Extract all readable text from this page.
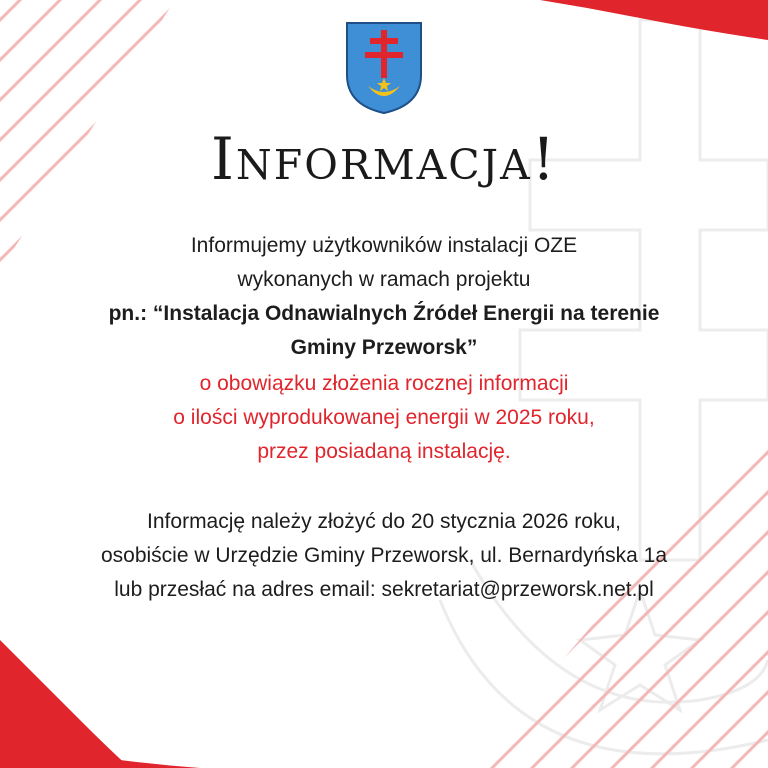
Informacja!

Informujemy użytkowników instalacji OZE

wykonanych w ramach projektu

pn.: “Instalacja Odnawialnych Źródeł Energii na terenie

Gminy Przeworsk”

o obowiązku złożenia rocznej informacji

o ilości wyprodukowanej energii w 2025 roku,

przez posiadaną instalację.

Informację należy złożyć do 20 stycznia 2026 roku,

osobiście w Urzędzie Gminy Przeworsk, ul. Bernardyńska 1a

lub przesłać na adres email: sekretariat@przeworsk.net.pl
